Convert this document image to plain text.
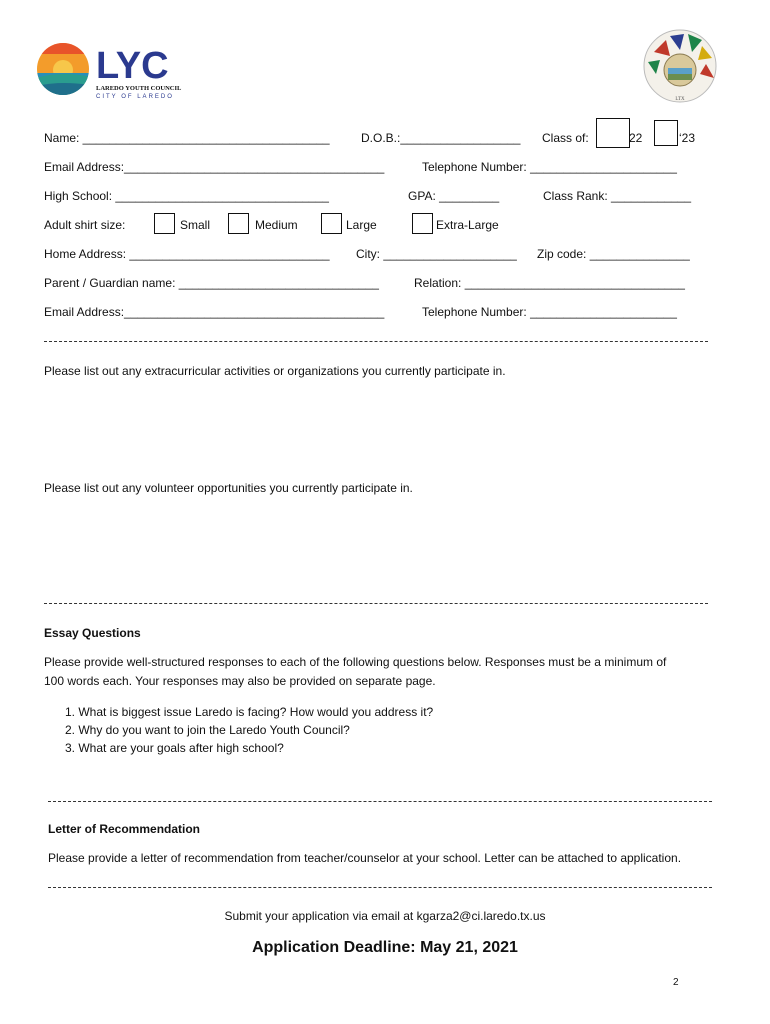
LYC
LAREDO YOUTH COUNCIL
CITY OF LAREDO	LTX
Name: _____________________________________	D.O.B.:__________________ Class of:	22	‘23
Email Address:_______________________________________	Telephone Number: ______________________
High School: ________________________________	GPA: _________	Class Rank: ____________
Adult shirt size:	Small	Medium	Large	Extra-Large
Home Address: ______________________________ City: ____________________ Zip code: _______________
Parent / Guardian name: ______________________________	Relation: _________________________________
Email Address:_______________________________________	Telephone Number: ______________________
Please list out any extracurricular activities or organizations you currently participate in.
Please list out any volunteer opportunities you currently participate in.
Essay Questions
Please provide well-structured responses to each of the following questions below. Responses must be a minimum of
100 words each. Your responses may also be provided on separate page.
1. What is biggest issue Laredo is facing? How would you address it?
2. Why do you want to join the Laredo Youth Council?
3. What are your goals after high school?
Letter of Recommendation
Please provide a letter of recommendation from teacher/counselor at your school. Letter can be attached to application.
Submit your application via email at kgarza2@ci.laredo.tx.us
Application Deadline: May 21, 2021
2
